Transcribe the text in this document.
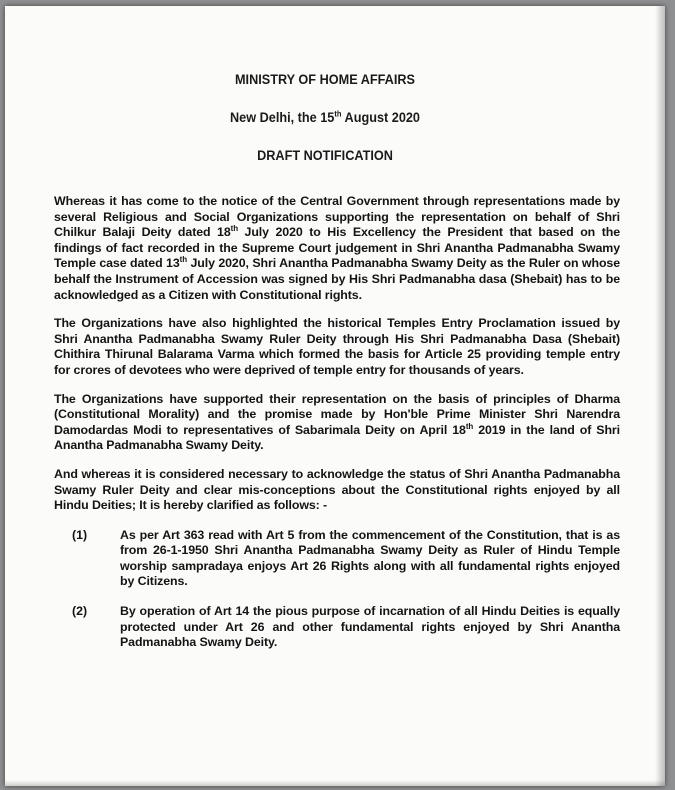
MINISTRY OF HOME AFFAIRS
New Delhi, the 15th August 2020
DRAFT NOTIFICATION

Whereas it has come to the notice of the Central Government through representations made by several Religious and Social Organizations supporting the representation on behalf of Shri Chilkur Balaji Deity dated 18th July 2020 to His Excellency the President that based on the findings of fact recorded in the Supreme Court judgement in Shri Anantha Padmanabha Swamy Temple case dated 13th July 2020, Shri Anantha Padmanabha Swamy Deity as the Ruler on whose behalf the Instrument of Accession was signed by His Shri Padmanabha dasa (Shebait) has to be acknowledged as a Citizen with Constitutional rights.

The Organizations have also highlighted the historical Temples Entry Proclamation issued by Shri Anantha Padmanabha Swamy Ruler Deity through His Shri Padmanabha Dasa (Shebait) Chithira Thirunal Balarama Varma which formed the basis for Article 25 providing temple entry for crores of devotees who were deprived of temple entry for thousands of years.

The Organizations have supported their representation on the basis of principles of Dharma (Constitutional Morality) and the promise made by Hon'ble Prime Minister Shri Narendra Damodardas Modi to representatives of Sabarimala Deity on April 18th 2019 in the land of Shri Anantha Padmanabha Swamy Deity.

And whereas it is considered necessary to acknowledge the status of Shri Anantha Padmanabha Swamy Ruler Deity and clear mis-conceptions about the Constitutional rights enjoyed by all Hindu Deities; It is hereby clarified as follows: -

(1)	As per Art 363 read with Art 5 from the commencement of the Constitution, that is as from 26-1-1950 Shri Anantha Padmanabha Swamy Deity as Ruler of Hindu Temple worship sampradaya enjoys Art 26 Rights along with all fundamental rights enjoyed by Citizens.
(2)	By operation of Art 14 the pious purpose of incarnation of all Hindu Deities is equally protected under Art 26 and other fundamental rights enjoyed by Shri Anantha Padmanabha Swamy Deity.
